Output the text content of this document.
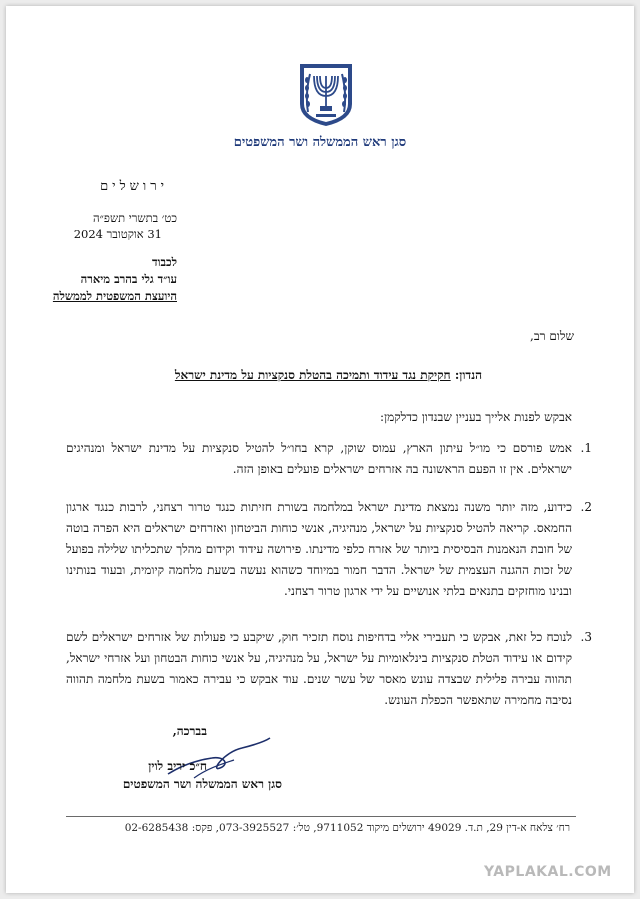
סגן ראש הממשלה ושר המשפטים
ירושלים
כט׳ בתשרי תשפ״ה
31 אוקטובר 2024
לכבוד
עו״ד גלי בהרב מיארה
היועצת המשפטית לממשלה
שלום רב,
הנדון: חקיקת נגד עידוד ותמיכה בהטלת סנקציות על מדינת ישראל
אבקש לפנות אלייך בעניין שבנדון כדלקמן:
1.
אמש פורסם כי מו״ל עיתון הארץ, עמוס שוקן, קרא בחו״ל להטיל סנקציות על מדינת ישראל ומנהיגים ישראלים. אין זו הפעם הראשונה בה אזרחים ישראלים פועלים באופן הזה.
2.
כידוע, מזה יותר משנה נמצאת מדינת ישראל במלחמה בשורת חזיתות כנגד טרור רצחני, לרבות כנגד ארגון החמאס. קריאה להטיל סנקציות על ישראל, מנהיגיה, אנשי כוחות הביטחון ואזרחים ישראלים היא הפרה בוטה של חובת הנאמנות הבסיסית ביותר של אזרח כלפי מדינתו. פירושה עידוד וקידום מהלך שתכליתו שלילה בפועל של זכות ההגנה העצמית של ישראל. הדבר חמור במיוחד כשהוא נעשה בשעת מלחמה קיומית, ובעוד בנותינו ובנינו מוחזקים בתנאים בלתי אנושיים על ידי ארגון טרור רצחני.
3.
לנוכח כל זאת, אבקש כי תעבירי אליי בדחיפות נוסח תזכיר חוק, שיקבע כי פעולות של אזרחים ישראלים לשם קידום או עידוד הטלת סנקציות בינלאומיות על ישראל, על מנהיגיה, על אנשי כוחות הבטחון ועל אזרחי ישראל, תהווה עבירה פלילית שבצדה עונש מאסר של עשר שנים. עוד אבקש כי עבירה כאמור בשעת מלחמה תהווה נסיבה מחמירה שתאפשר הכפלת העונש.
בברכה,
ח״כ יריב לוין
סגן ראש הממשלה ושר המשפטים
רח׳ צלאח א-דין 29, ת.ד. 49029 ירושלים מיקוד 9711052, טל׳: 073-3925527, פקס: 02-6285438
YAPLAKAL.COM
